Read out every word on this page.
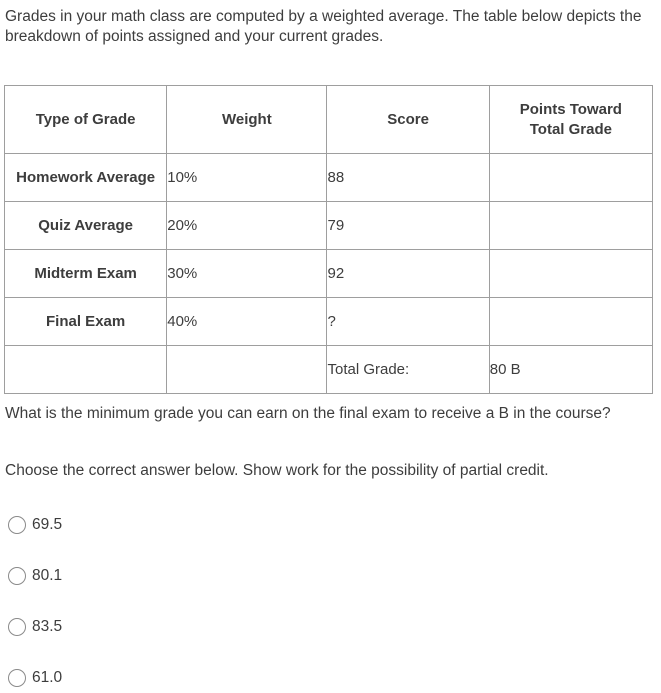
Grades in your math class are computed by a weighted average. The table below depicts the breakdown of points assigned and your current grades.
Type of Grade	Weight	Score	Points Toward Total Grade
Homework Average	10%	88	
Quiz Average	20%	79	
Midterm Exam	30%	92	
Final Exam	40%	?	
		Total Grade:	80 B
What is the minimum grade you can earn on the final exam to receive a B in the course?
Choose the correct answer below. Show work for the possibility of partial credit.
69.5
80.1
83.5
61.0
